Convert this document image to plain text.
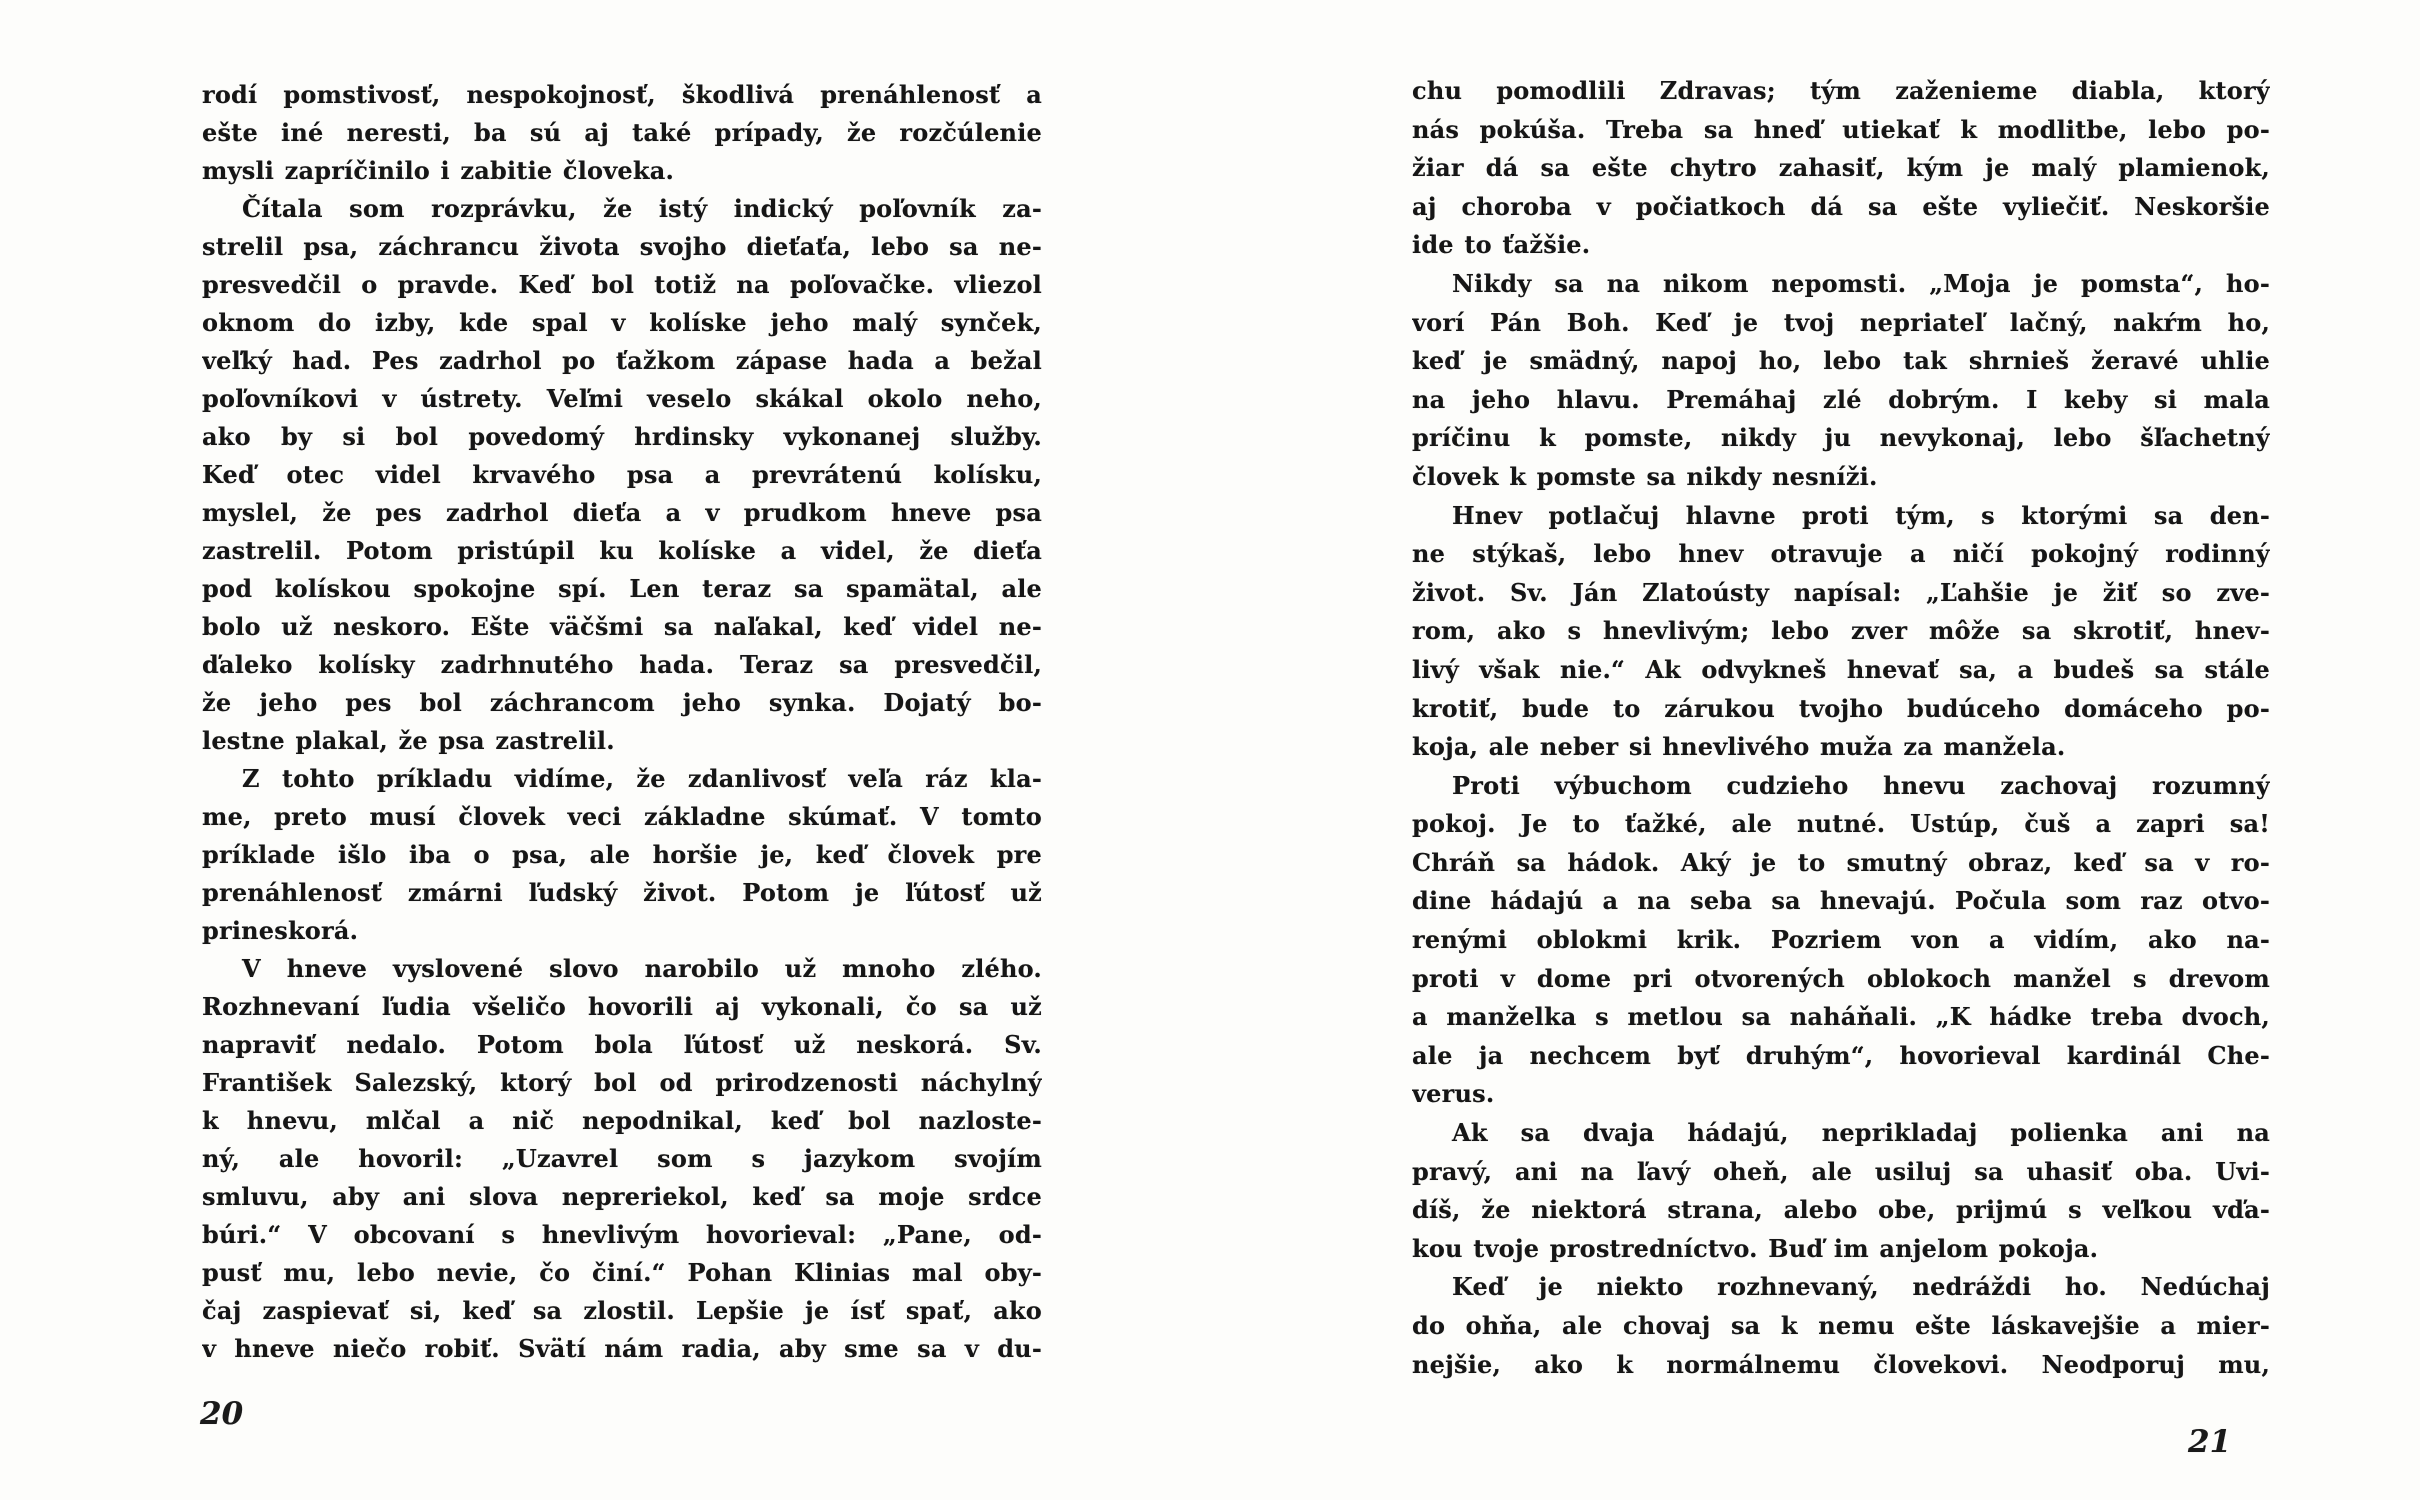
rodí pomstivosť, nespokojnosť, škodlivá prenáhlenosť a
ešte iné neresti, ba sú aj také prípady, že rozčúlenie
mysli zapríčinilo i zabitie človeka.
Čítala som rozprávku, že istý indický poľovník za-
strelil psa, záchrancu života svojho dieťaťa, lebo sa ne-
presvedčil o pravde. Keď bol totiž na poľovačke. vliezol
oknom do izby, kde spal v kolíske jeho malý synček,
veľký had. Pes zadrhol po ťažkom zápase hada a bežal
poľovníkovi v ústrety. Veľmi veselo skákal okolo neho,
ako by si bol povedomý hrdinsky vykonanej služby.
Keď otec videl krvavého psa a prevrátenú kolísku,
myslel, že pes zadrhol dieťa a v prudkom hneve psa
zastrelil. Potom pristúpil ku kolíske a videl, že dieťa
pod kolískou spokojne spí. Len teraz sa spamätal, ale
bolo už neskoro. Ešte väčšmi sa naľakal, keď videl ne-
ďaleko kolísky zadrhnutého hada. Teraz sa presvedčil,
že jeho pes bol záchrancom jeho synka. Dojatý bo-
lestne plakal, že psa zastrelil.
Z tohto príkladu vidíme, že zdanlivosť veľa ráz kla-
me, preto musí človek veci základne skúmať. V tomto
príklade išlo iba o psa, ale horšie je, keď človek pre
prenáhlenosť zmárni ľudský život. Potom je ľútosť už
prineskorá.
V hneve vyslovené slovo narobilo už mnoho zlého.
Rozhnevaní ľudia všeličo hovorili aj vykonali, čo sa už
napraviť nedalo. Potom bola ľútosť už neskorá. Sv.
František Salezský, ktorý bol od prirodzenosti náchylný
k hnevu, mlčal a nič nepodnikal, keď bol nazloste-
ný, ale hovoril: „Uzavrel som s jazykom svojím
smluvu, aby ani slova nepreriekol, keď sa moje srdce
búri.“ V obcovaní s hnevlivým hovorieval: „Pane, od-
pusť mu, lebo nevie, čo činí.“ Pohan Klinias mal oby-
čaj zaspievať si, keď sa zlostil. Lepšie je ísť spať, ako
v hneve niečo robiť. Svätí nám radia, aby sme sa v du-
20
chu pomodlili Zdravas; tým zaženieme diabla, ktorý
nás pokúša. Treba sa hneď utiekať k modlitbe, lebo po-
žiar dá sa ešte chytro zahasiť, kým je malý plamienok,
aj choroba v počiatkoch dá sa ešte vyliečiť. Neskoršie
ide to ťažšie.
Nikdy sa na nikom nepomsti. „Moja je pomsta“, ho-
vorí Pán Boh. Keď je tvoj nepriateľ lačný, nakŕm ho,
keď je smädný, napoj ho, lebo tak shrnieš žeravé uhlie
na jeho hlavu. Premáhaj zlé dobrým. I keby si mala
príčinu k pomste, nikdy ju nevykonaj, lebo šľachetný
človek k pomste sa nikdy nesníži.
Hnev potlačuj hlavne proti tým, s ktorými sa den-
ne stýkaš, lebo hnev otravuje a ničí pokojný rodinný
život. Sv. Ján Zlatoústy napísal: „Ľahšie je žiť so zve-
rom, ako s hnevlivým; lebo zver môže sa skrotiť, hnev-
livý však nie.“ Ak odvykneš hnevať sa, a budeš sa stále
krotiť, bude to zárukou tvojho budúceho domáceho po-
koja, ale neber si hnevlivého muža za manžela.
Proti výbuchom cudzieho hnevu zachovaj rozumný
pokoj. Je to ťažké, ale nutné. Ustúp, čuš a zapri sa!
Chráň sa hádok. Aký je to smutný obraz, keď sa v ro-
dine hádajú a na seba sa hnevajú. Počula som raz otvo-
renými oblokmi krik. Pozriem von a vidím, ako na-
proti v dome pri otvorených oblokoch manžel s drevom
a manželka s metlou sa naháňali. „K hádke treba dvoch,
ale ja nechcem byť druhým“, hovorieval kardinál Che-
verus.
Ak sa dvaja hádajú, neprikladaj polienka ani na
pravý, ani na ľavý oheň, ale usiluj sa uhasiť oba. Uvi-
díš, že niektorá strana, alebo obe, prijmú s veľkou vďa-
kou tvoje prostredníctvo. Buď im anjelom pokoja.
Keď je niekto rozhnevaný, nedráždi ho. Nedúchaj
do ohňa, ale chovaj sa k nemu ešte láskavejšie a mier-
nejšie, ako k normálnemu človekovi. Neodporuj mu,
21
